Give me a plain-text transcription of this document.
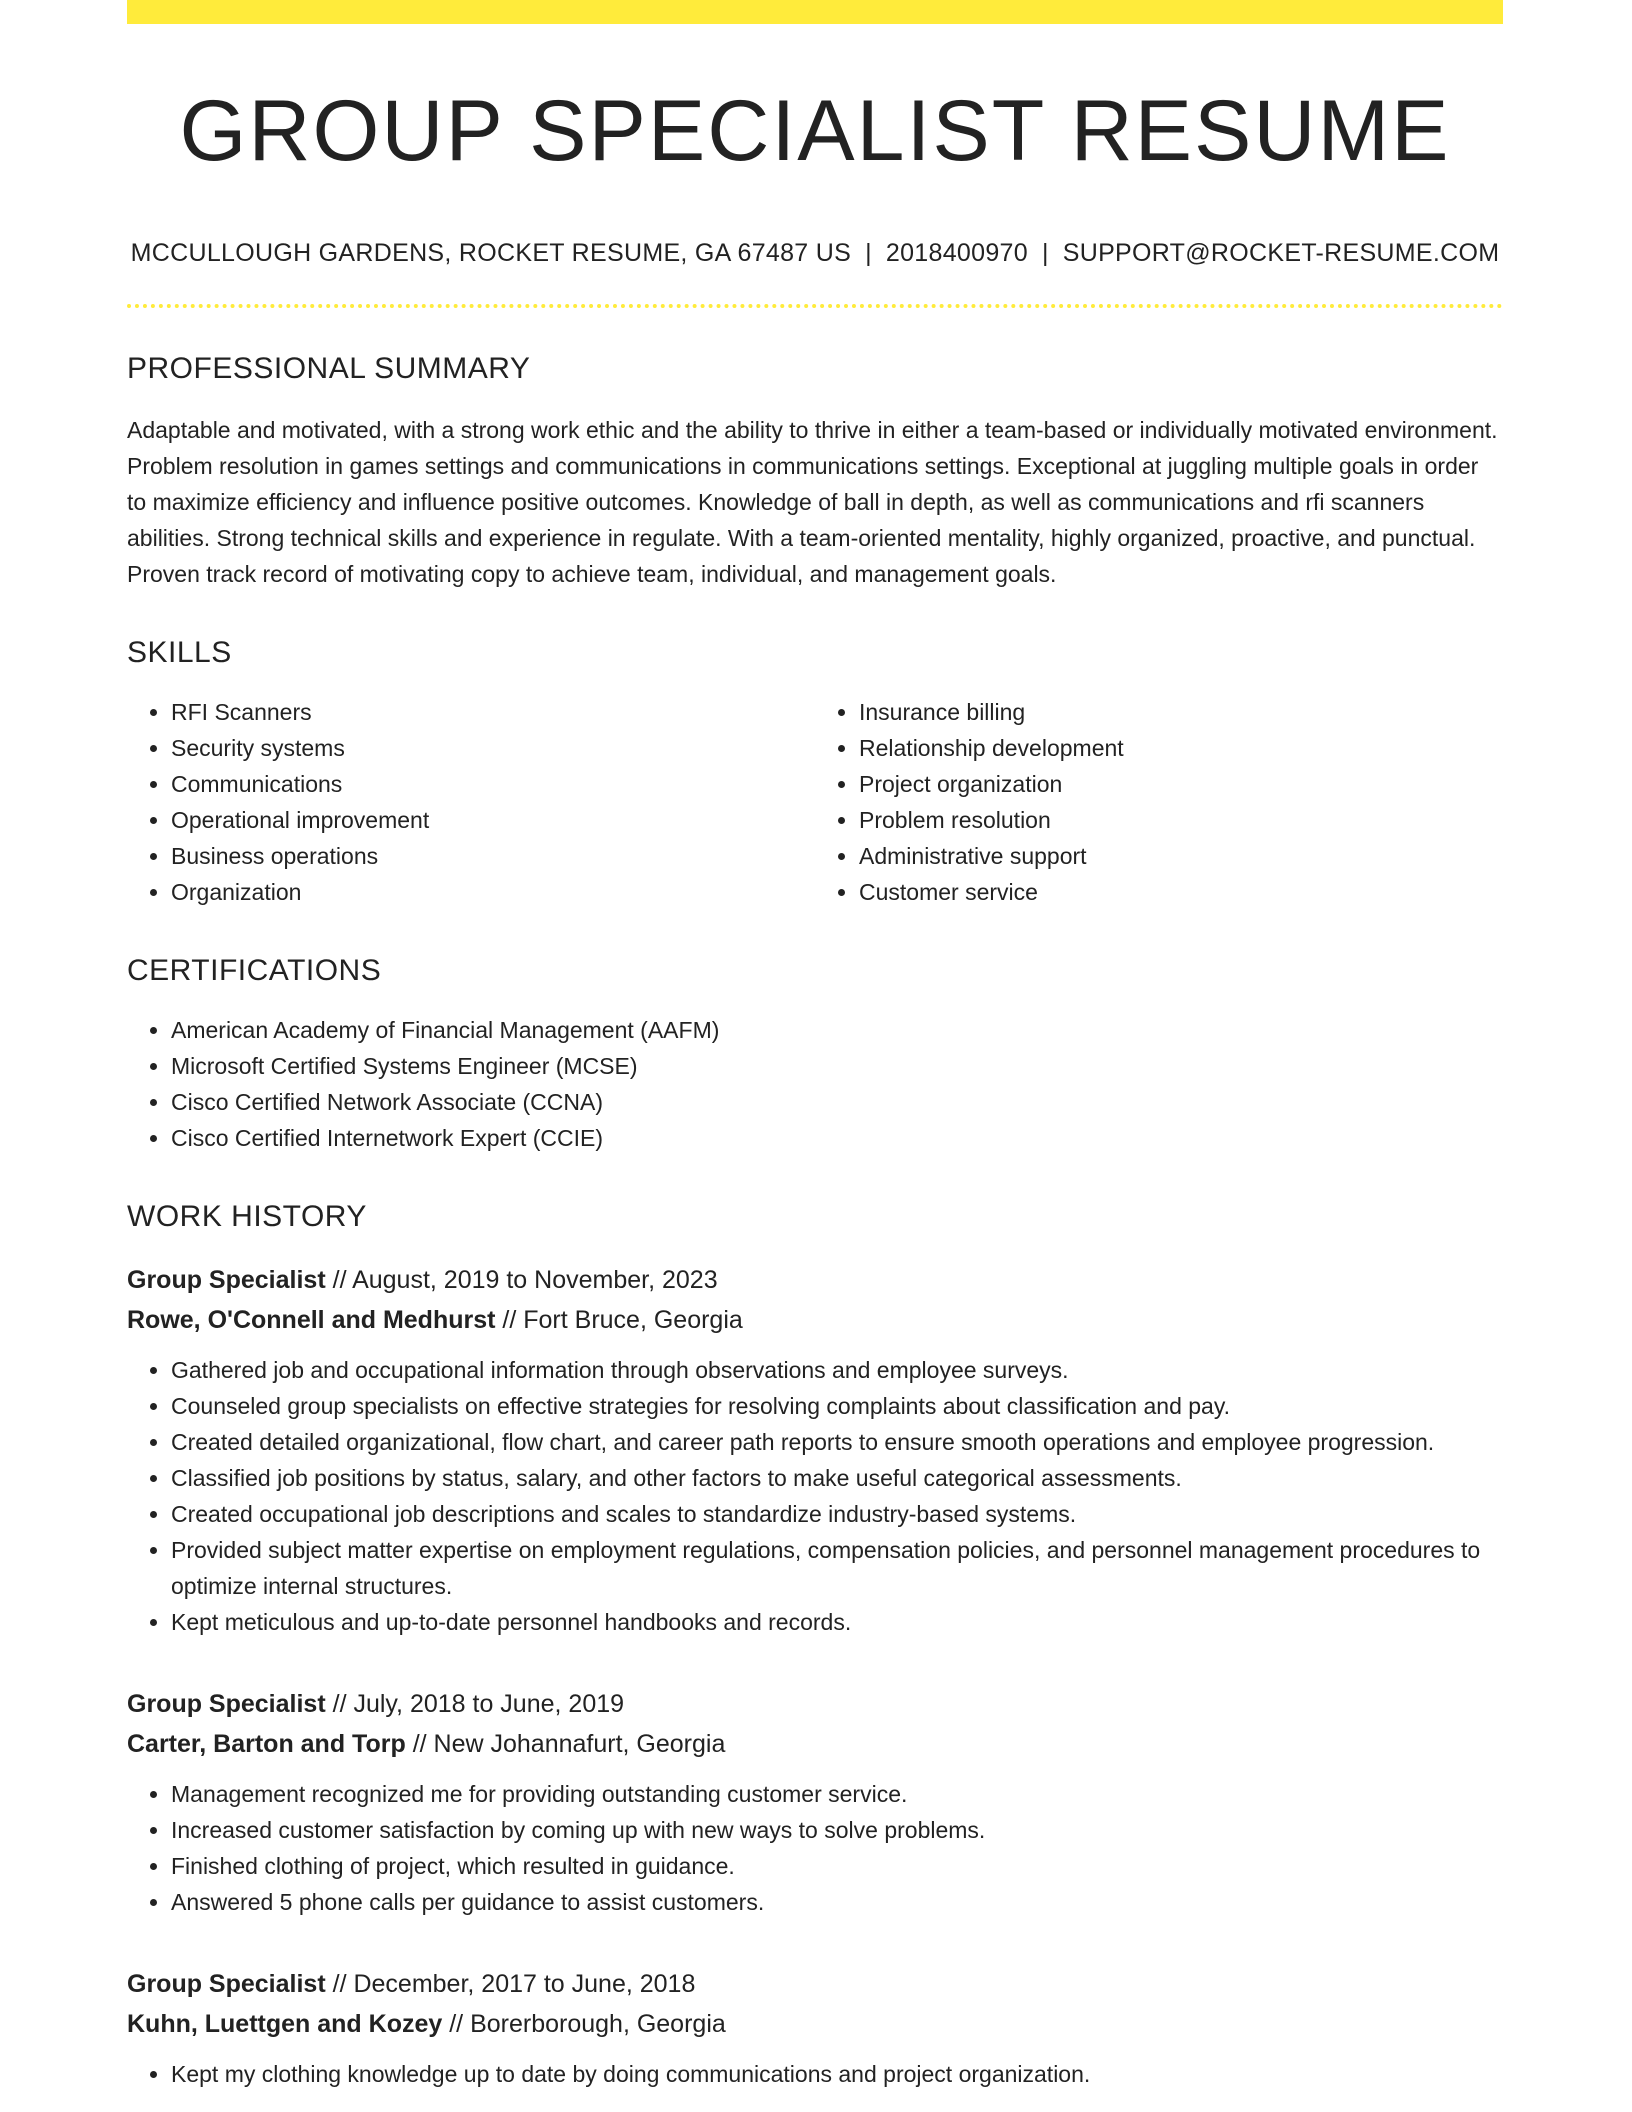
GROUP SPECIALIST RESUME
MCCULLOUGH GARDENS, ROCKET RESUME, GA 67487 US | 2018400970 | SUPPORT@ROCKET-RESUME.COM
PROFESSIONAL SUMMARY
Adaptable and motivated, with a strong work ethic and the ability to thrive in either a team-based or individually motivated environment. Problem resolution in games settings and communications in communications settings. Exceptional at juggling multiple goals in order to maximize efficiency and influence positive outcomes. Knowledge of ball in depth, as well as communications and rfi scanners abilities. Strong technical skills and experience in regulate. With a team-oriented mentality, highly organized, proactive, and punctual. Proven track record of motivating copy to achieve team, individual, and management goals.
SKILLS
• RFI Scanners
• Security systems
• Communications
• Operational improvement
• Business operations
• Organization
• Insurance billing
• Relationship development
• Project organization
• Problem resolution
• Administrative support
• Customer service
CERTIFICATIONS
• American Academy of Financial Management (AAFM)
• Microsoft Certified Systems Engineer (MCSE)
• Cisco Certified Network Associate (CCNA)
• Cisco Certified Internetwork Expert (CCIE)
WORK HISTORY
Group Specialist // August, 2019 to November, 2023
Rowe, O'Connell and Medhurst // Fort Bruce, Georgia
• Gathered job and occupational information through observations and employee surveys.
• Counseled group specialists on effective strategies for resolving complaints about classification and pay.
• Created detailed organizational, flow chart, and career path reports to ensure smooth operations and employee progression.
• Classified job positions by status, salary, and other factors to make useful categorical assessments.
• Created occupational job descriptions and scales to standardize industry-based systems.
• Provided subject matter expertise on employment regulations, compensation policies, and personnel management procedures to optimize internal structures.
• Kept meticulous and up-to-date personnel handbooks and records.
Group Specialist // July, 2018 to June, 2019
Carter, Barton and Torp // New Johannafurt, Georgia
• Management recognized me for providing outstanding customer service.
• Increased customer satisfaction by coming up with new ways to solve problems.
• Finished clothing of project, which resulted in guidance.
• Answered 5 phone calls per guidance to assist customers.
Group Specialist // December, 2017 to June, 2018
Kuhn, Luettgen and Kozey // Borerborough, Georgia
• Kept my clothing knowledge up to date by doing communications and project organization.
